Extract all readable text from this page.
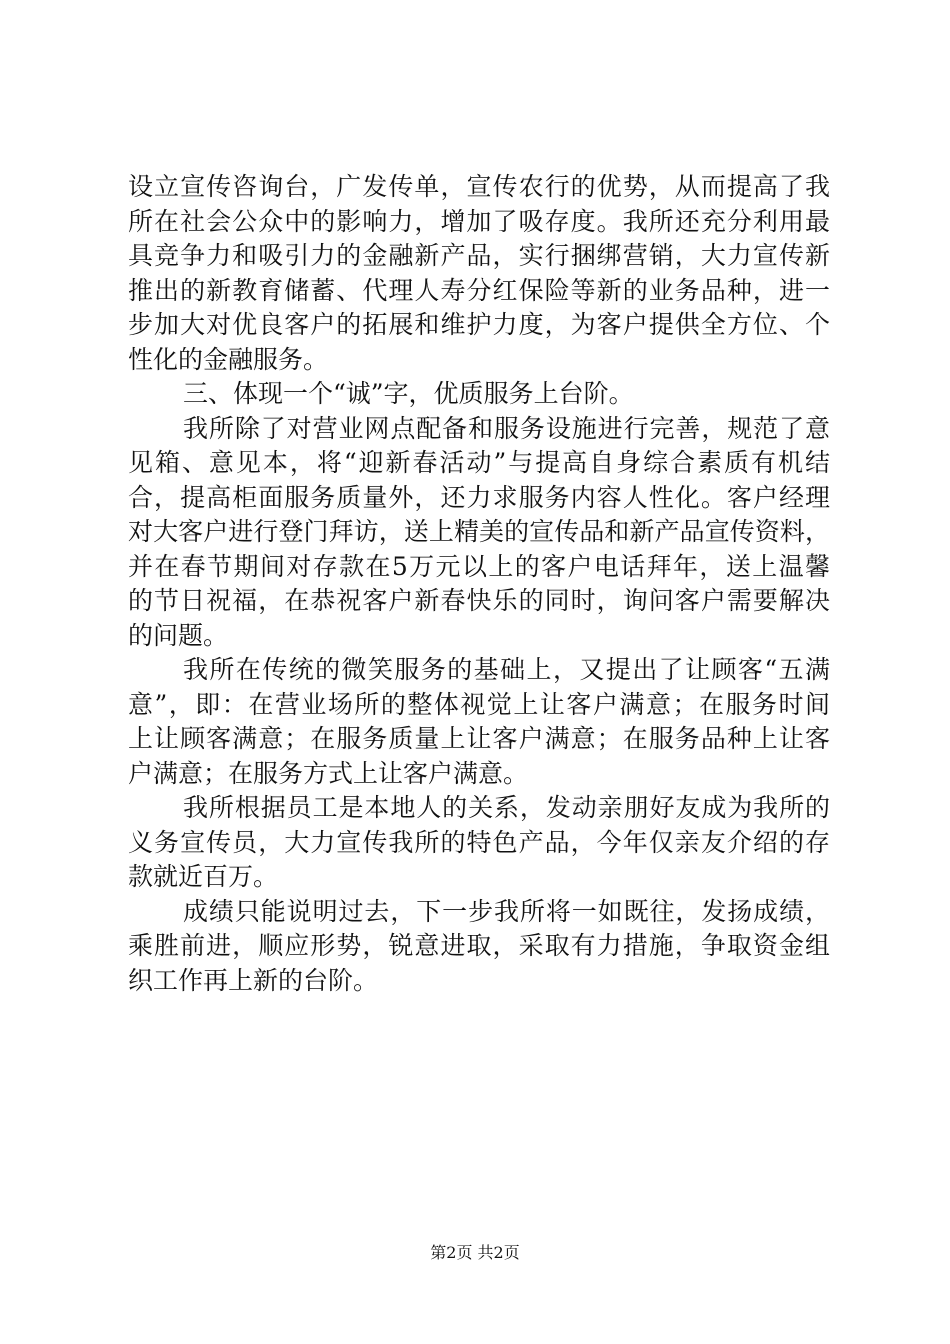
设立宣传咨询台，广发传单，宣传农行的优势，从而提高了我
所在社会公众中的影响力，增加了吸存度。我所还充分利用最
具竞争力和吸引力的金融新产品，实行捆绑营销，大力宣传新
推出的新教育储蓄、代理人寿分红保险等新的业务品种，进一
步加大对优良客户的拓展和维护力度，为客户提供全方位、个
性化的金融服务。
三、体现一个“诚”字，优质服务上台阶。
我所除了对营业网点配备和服务设施进行完善，规范了意
见箱、意见本，将“迎新春活动”与提高自身综合素质有机结
合，提高柜面服务质量外，还力求服务内容人性化。客户经理
对大客户进行登门拜访，送上精美的宣传品和新产品宣传资料，
并在春节期间对存款在5万元以上的客户电话拜年，送上温馨
的节日祝福，在恭祝客户新春快乐的同时，询问客户需要解决
的问题。
我所在传统的微笑服务的基础上，又提出了让顾客“五满
意”，即：在营业场所的整体视觉上让客户满意；在服务时间
上让顾客满意；在服务质量上让客户满意；在服务品种上让客
户满意；在服务方式上让客户满意。
我所根据员工是本地人的关系，发动亲朋好友成为我所的
义务宣传员，大力宣传我所的特色产品，今年仅亲友介绍的存
款就近百万。
成绩只能说明过去，下一步我所将一如既往，发扬成绩，
乘胜前进，顺应形势，锐意进取，采取有力措施，争取资金组
织工作再上新的台阶。
第2页 共2页
